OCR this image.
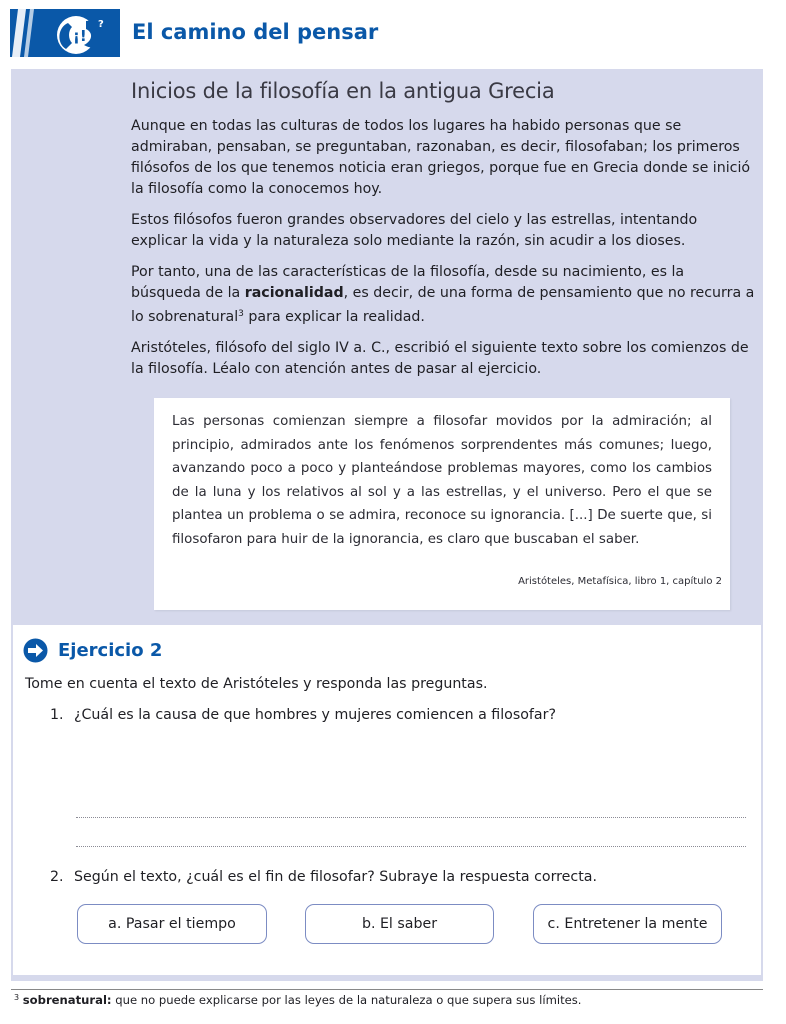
¡!
? El camino del pensar
Inicios de la filosofía en la antigua Grecia

Aunque en todas las culturas de todos los lugares ha habido personas que se admiraban, pensaban, se preguntaban, razonaban, es decir, filosofaban; los primeros filósofos de los que tenemos noticia eran griegos, porque fue en Grecia donde se inició la filosofía como la conocemos hoy.

Estos filósofos fueron grandes observadores del cielo y las estrellas, intentando explicar la vida y la naturaleza solo mediante la razón, sin acudir a los dioses.

Por tanto, una de las características de la filosofía, desde su nacimiento, es la búsqueda de la racionalidad, es decir, de una forma de pensamiento que no recurra a lo sobrenatural$^3$ para explicar la realidad.

Aristóteles, filósofo del siglo IV a. C., escribió el siguiente texto sobre los comienzos de la filosofía. Léalo con atención antes de pasar al ejercicio.

Las personas comienzan siempre a filosofar movidos por la admiración; al principio, admirados ante los fenómenos sorprendentes más comunes; luego, avanzando poco a poco y planteándose problemas mayores, como los cambios de la luna y los relativos al sol y a las estrellas, y el universo. Pero el que se plantea un problema o se admira, reconoce su ignorancia. [...] De suerte que, si filosofaron para huir de la ignorancia, es claro que buscaban el saber.
Aristóteles, Metafísica, libro 1, capítulo 2
Ejercicio 2
Tome en cuenta el texto de Aristóteles y responda las preguntas.
1. ¿Cuál es la causa de que hombres y mujeres comiencen a filosofar?
2. Según el texto, ¿cuál es el fin de filosofar? Subraye la respuesta correcta.
a. Pasar el tiempo	b. El saber	c. Entretener la mente
$^3$ sobrenatural: que no puede explicarse por las leyes de la naturaleza o que supera sus límites.
